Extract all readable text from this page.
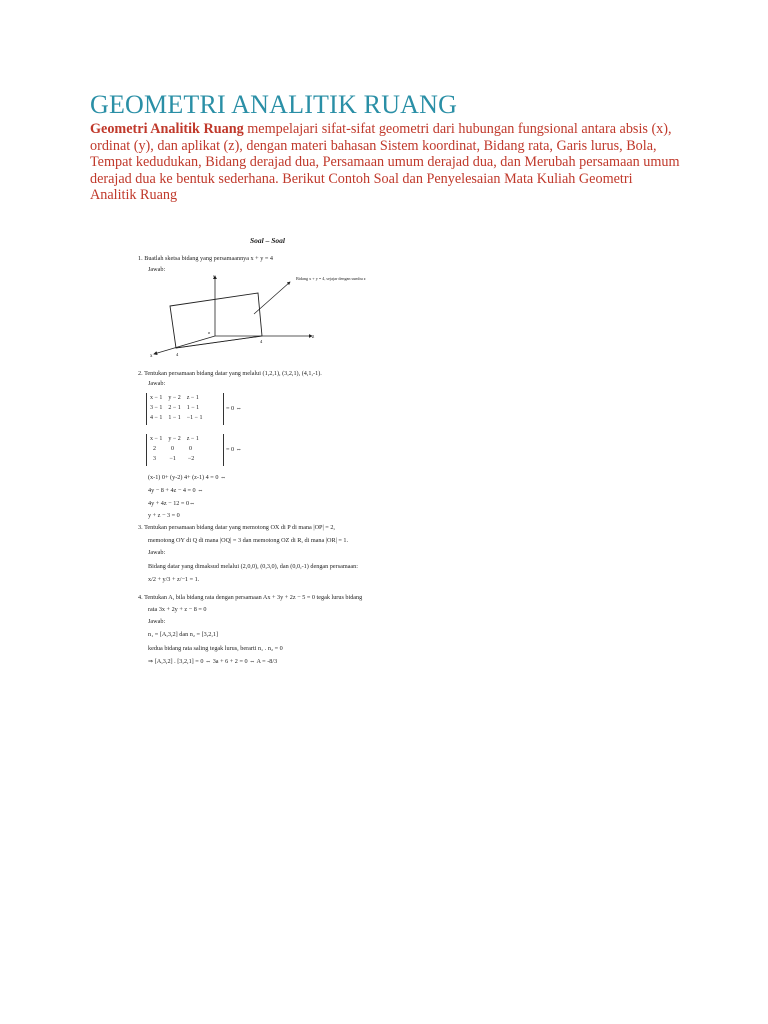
GEOMETRI ANALITIK RUANG
Geometri Analitik Ruang mempelajari sifat-sifat geometri dari hubungan fungsional antara absis (x), ordinat (y), dan aplikat (z), dengan materi bahasan Sistem koordinat, Bidang rata, Garis lurus, Bola, Tempat kedudukan, Bidang derajad dua, Persamaan umum derajad dua, dan Merubah persamaan umum derajad dua ke bentuk sederhana. Berikut Contoh Soal dan Penyelesaian Mata Kuliah Geometri Analitik Ruang
Soal – Soal
1. Buatlah sketsa bidang yang persamaannya x + y = 4
Jawab:
y
z
x
o
4
4
Bidang x + y = 4, sejajar dengan sumbu z
2. Tentukan persamaan bidang datar yang melalui (1,2,1), (3,2,1), (4,1,-1).
Jawab:
x − 1    y − 2    z − 1
3 − 1    2 − 1    1 − 1
4 − 1    1 − 1    −1 − 1
= 0 ⇔
x − 1    y − 2    z − 1
2          0          0
3         −1        −2
= 0 ⇔
(x-1) 0+ (y-2) 4+ (z-1) 4 = 0 ⇔
4y − 8 + 4z − 4 = 0 ⇔
4y + 4z − 12 = 0⇔
y + z − 3 = 0
3. Tentukan persamaan bidang datar yang memotong OX di P di mana |OP| = 2,
memotong OY di Q di mana |OQ| = 3 dan memotong OZ di R, di mana |OR| = 1.
Jawab:
Bidang datar yang dimaksud melalui (2,0,0), (0,3,0), dan (0,0,-1) dengan persamaan:
x/2 + y/3 + z/−1 = 1.
4. Tentukan A, bila bidang rata dengan persamaan Ax + 3y + 2z − 5 = 0 tegak lurus bidang
rata 3x + 2y + z − 8 = 0
Jawab:
n₁ = [A,3,2] dan n₂ = [3,2,1]
kedua bidang rata saling tegak lurus, berarti n₁ . n₂ = 0
⇒ [A,3,2] . [3,2,1] = 0 ⇔ 3a + 6 + 2 = 0 ⇔ A = -8/3
